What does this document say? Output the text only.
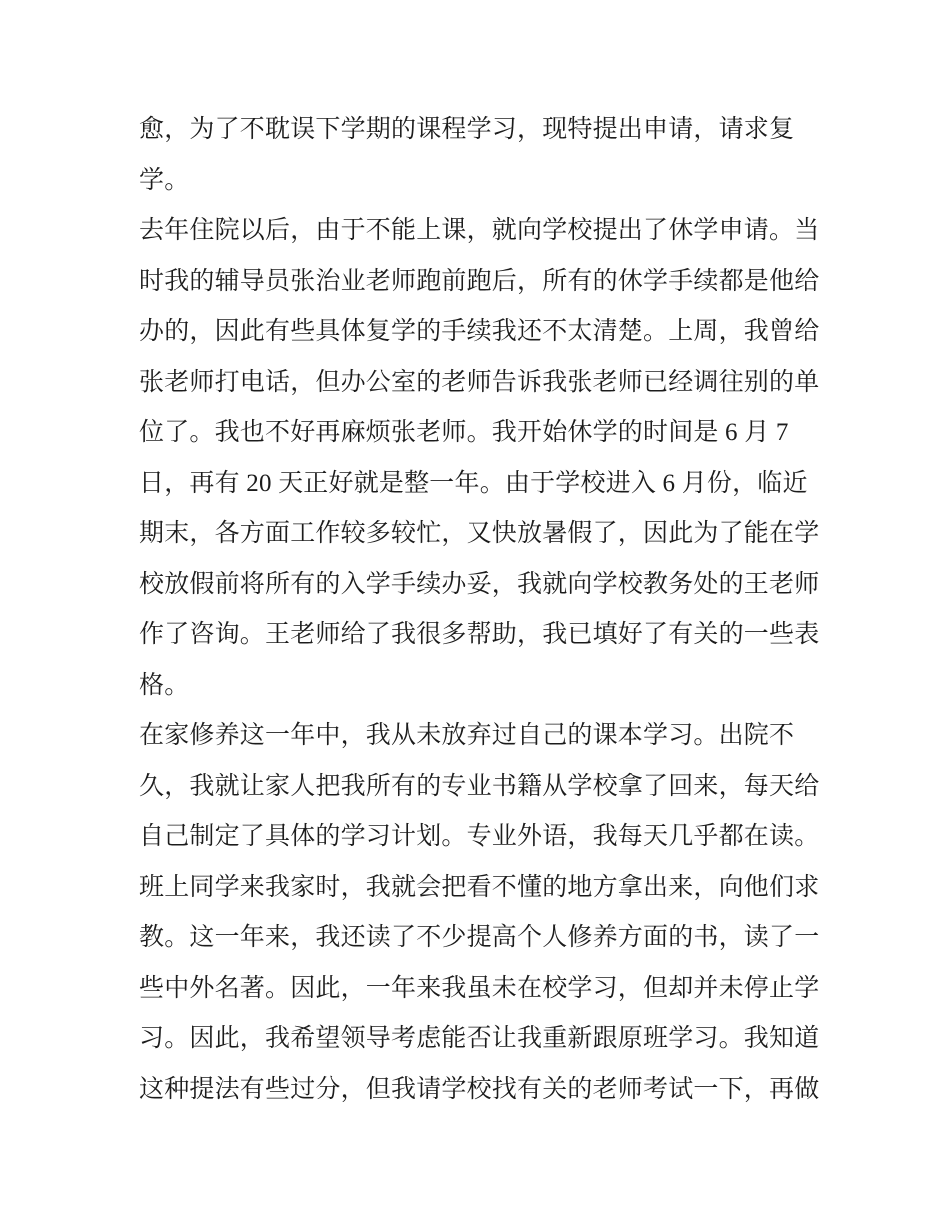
愈，为了不耽误下学期的课程学习，现特提出申请，请求复
学。
去年住院以后，由于不能上课，就向学校提出了休学申请。当
时我的辅导员张治业老师跑前跑后，所有的休学手续都是他给
办的，因此有些具体复学的手续我还不太清楚。上周，我曾给
张老师打电话，但办公室的老师告诉我张老师已经调往别的单
位了。我也不好再麻烦张老师。我开始休学的时间是 6 月 7
日，再有 20 天正好就是整一年。由于学校进入 6 月份，临近
期末，各方面工作较多较忙，又快放暑假了，因此为了能在学
校放假前将所有的入学手续办妥，我就向学校教务处的王老师
作了咨询。王老师给了我很多帮助，我已填好了有关的一些表
格。
在家修养这一年中，我从未放弃过自己的课本学习。出院不
久，我就让家人把我所有的专业书籍从学校拿了回来，每天给
自己制定了具体的学习计划。专业外语，我每天几乎都在读。
班上同学来我家时，我就会把看不懂的地方拿出来，向他们求
教。这一年来，我还读了不少提高个人修养方面的书，读了一
些中外名著。因此，一年来我虽未在校学习，但却并未停止学
习。因此，我希望领导考虑能否让我重新跟原班学习。我知道
这种提法有些过分，但我请学校找有关的老师考试一下，再做
